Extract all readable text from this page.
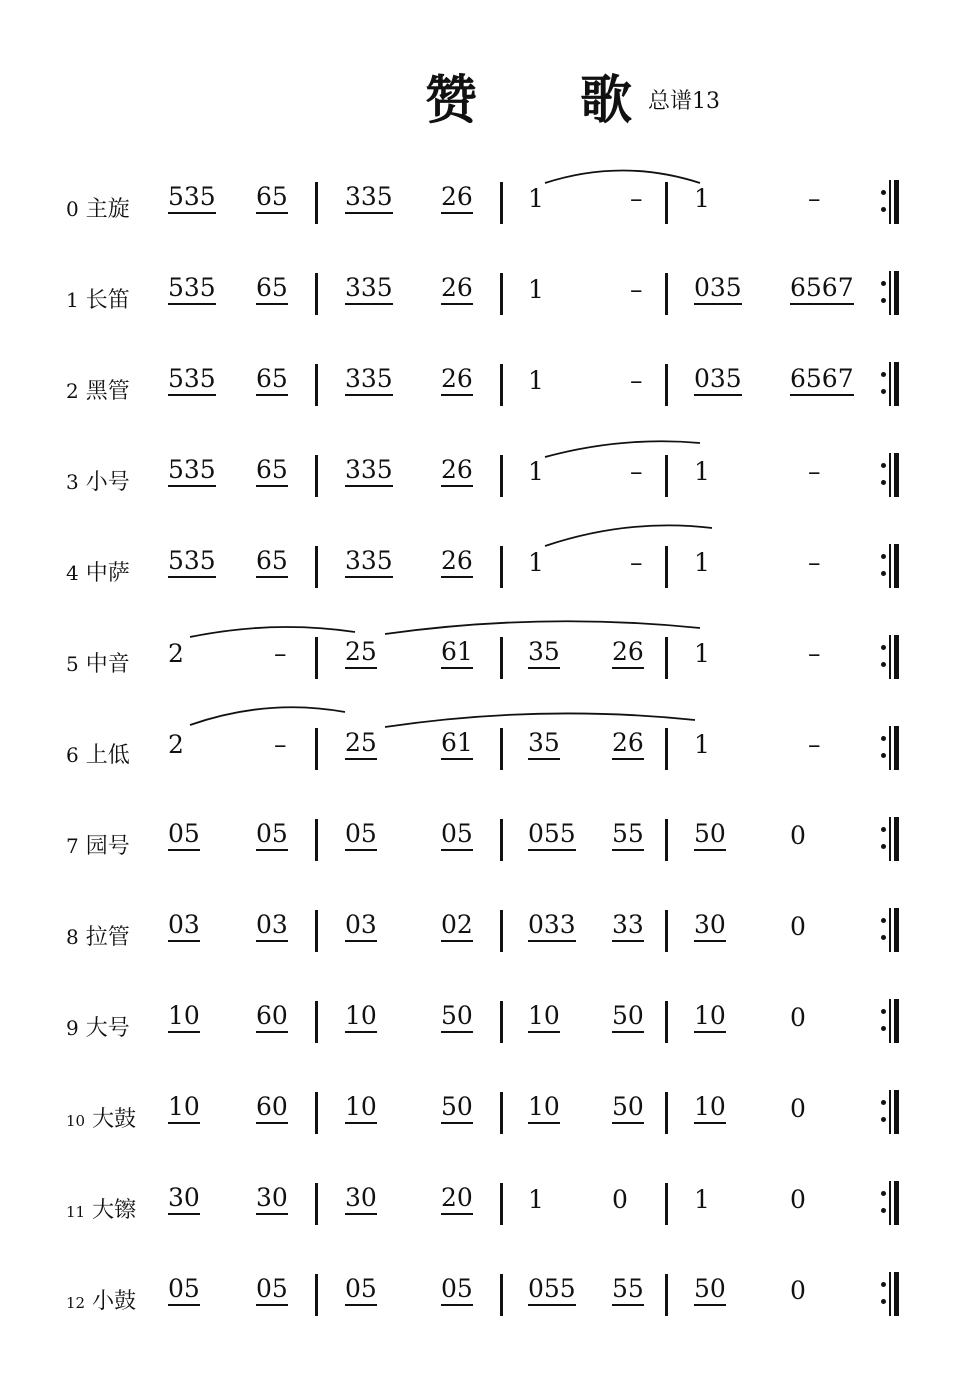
赞 歌 总谱13
0 主旋 535 65 335 26 1	– 1	–
1 长笛 535 65 335 26 1	– 035 6567
2 黑管 535 65 335 26 1	– 035 6567
3 小号 535 65 335 26 1	– 1	–
4 中萨 535 65 335 26 1	– 1	–
5 中音 2	– 25	61 35 26 1	–
6 上低 2	– 25	61 35 26 1	–
7 园号 05 05 05	05 055 55 50	0
8 拉管 03 03 03	02 033 33 30	0
9 大号 10 60 10	50 10 50 10	0
10 大鼓 10 60 10	50 10 50 10	0
11 大镲 30 30 30	20 1	0	1	0
12 小鼓 05 05 05	05 055 55 50	0
